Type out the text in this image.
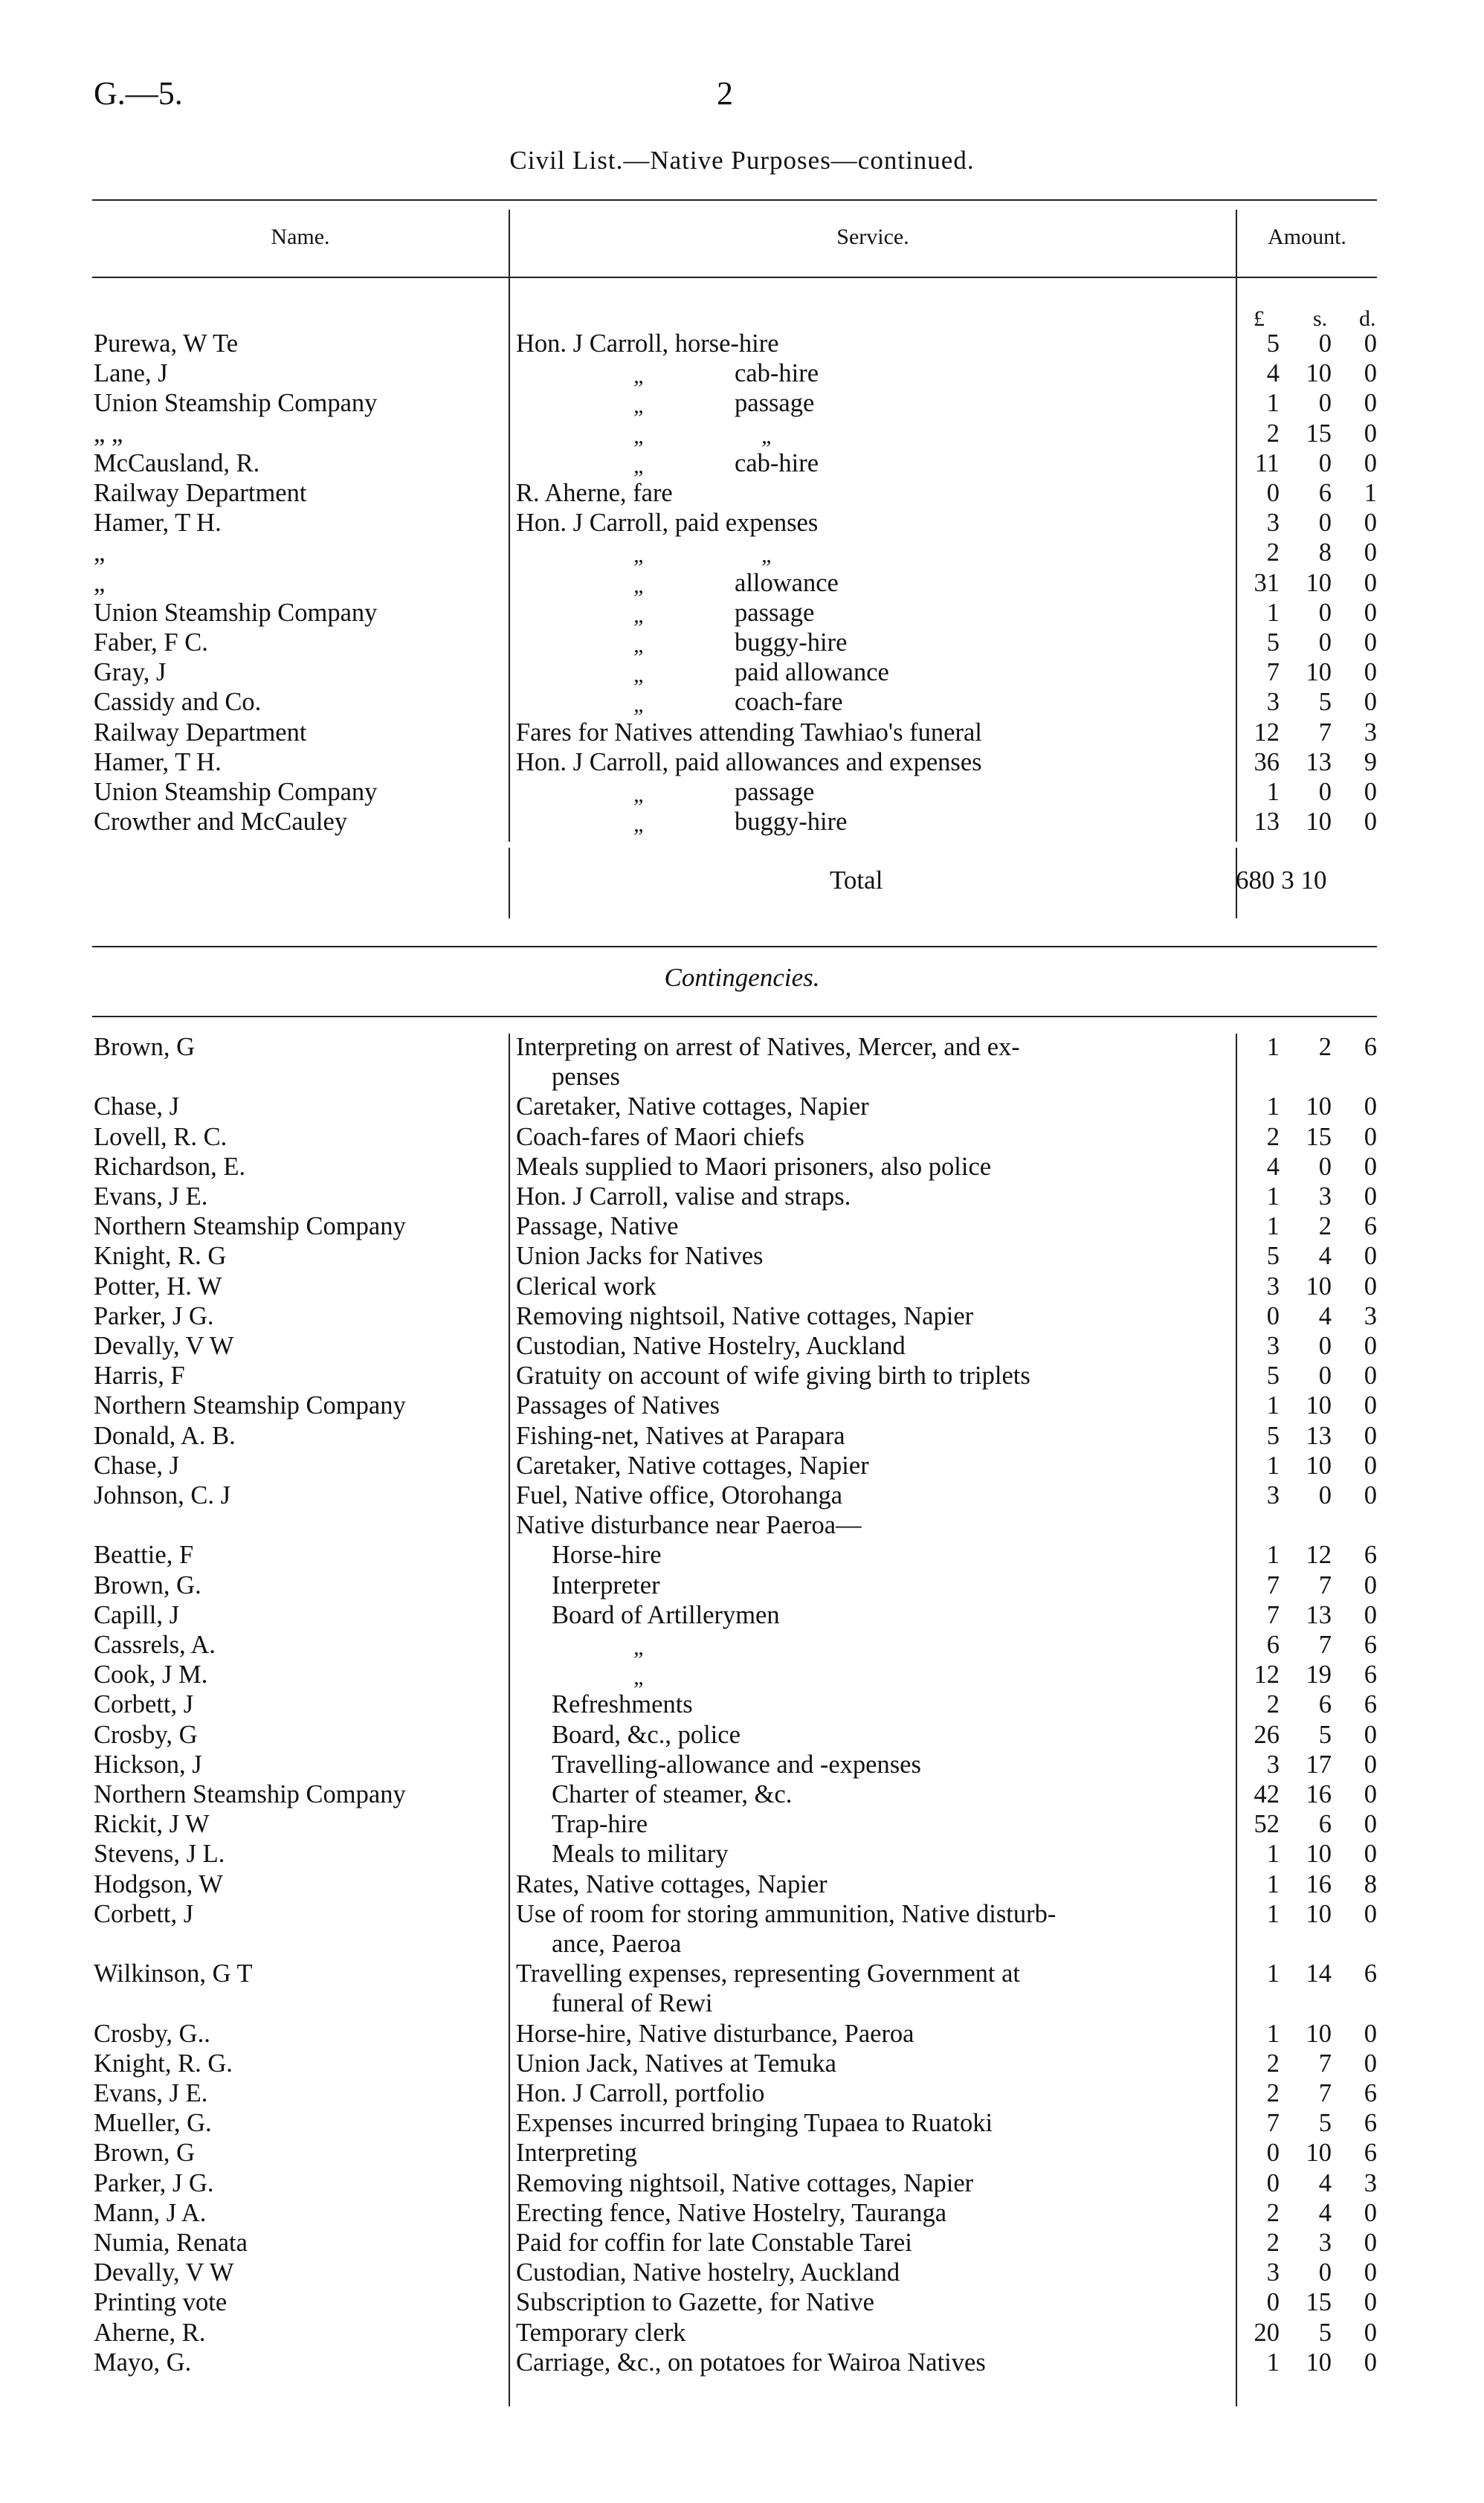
G.—5.	2
Civil List.—Native Purposes—continued.
Name.	Service.	Amount.
£ s. d.
Purewa, W Te	Hon. J Carroll, horse-hire	5	0	0
Lane, J	„	cab-hire	4	10	0
Union Steamship Company	„	passage	1	0	0
„ „	„	„	2	15	0
McCausland, R.	„	cab-hire	11	0	0
Railway Department	R. Aherne, fare	0	6	1
Hamer, T H.	Hon. J Carroll, paid expenses	3	0	0
„	„	„	2	8	0
„	„	allowance	31	10	0
Union Steamship Company	„	passage	1	0	0
Faber, F C.	„	buggy-hire	5	0	0
Gray, J	„	paid allowance	7	10	0
Cassidy and Co.	„	coach-fare	3	5	0
Railway Department	Fares for Natives attending Tawhiao's funeral	12	7	3
Hamer, T H.	Hon. J Carroll, paid allowances and expenses	36	13	9
Union Steamship Company	„	passage	1	0	0
Crowther and McCauley	„	buggy-hire	13	10	0
Total	680 3 10
Contingencies.
Brown, G	Interpreting on arrest of Natives, Mercer, and ex-	1	2	6
penses
Chase, J	Caretaker, Native cottages, Napier	1	10	0
Lovell, R. C.	Coach-fares of Maori chiefs	2	15	0
Richardson, E.	Meals supplied to Maori prisoners, also police	4	0	0
Evans, J E.	Hon. J Carroll, valise and straps.	1	3	0
Northern Steamship Company	Passage, Native	1	2	6
Knight, R. G	Union Jacks for Natives	5	4	0
Potter, H. W	Clerical work	3	10	0
Parker, J G.	Removing nightsoil, Native cottages, Napier	0	4	3
Devally, V W	Custodian, Native Hostelry, Auckland	3	0	0
Harris, F	Gratuity on account of wife giving birth to triplets	5	0	0
Northern Steamship Company	Passages of Natives	1	10	0
Donald, A. B.	Fishing-net, Natives at Parapara	5	13	0
Chase, J	Caretaker, Native cottages, Napier	1	10	0
Johnson, C. J	Fuel, Native office, Otorohanga	3	0	0
Native disturbance near Paeroa—
Beattie, F	Horse-hire	1	12	6
Brown, G.	Interpreter	7	7	0
Capill, J	Board of Artillerymen	7	13	0
Cassrels, A.	„	6	7	6
Cook, J M.	„	12	19	6
Corbett, J	Refreshments	2	6	6
Crosby, G	Board, &c., police	26	5	0
Hickson, J	Travelling-allowance and -expenses	3	17	0
Northern Steamship Company	Charter of steamer, &c.	42	16	0
Rickit, J W	Trap-hire	52	6	0
Stevens, J L.	Meals to military	1	10	0
Hodgson, W	Rates, Native cottages, Napier	1	16	8
Corbett, J	Use of room for storing ammunition, Native disturb-	1	10	0
ance, Paeroa
Wilkinson, G T	Travelling expenses, representing Government at	1	14	6
funeral of Rewi
Crosby, G..	Horse-hire, Native disturbance, Paeroa	1	10	0
Knight, R. G.	Union Jack, Natives at Temuka	2	7	0
Evans, J E.	Hon. J Carroll, portfolio	2	7	6
Mueller, G.	Expenses incurred bringing Tupaea to Ruatoki	7	5	6
Brown, G	Interpreting	0	10	6
Parker, J G.	Removing nightsoil, Native cottages, Napier	0	4	3
Mann, J A.	Erecting fence, Native Hostelry, Tauranga	2	4	0
Numia, Renata	Paid for coffin for late Constable Tarei	2	3	0
Devally, V W	Custodian, Native hostelry, Auckland	3	0	0
Printing vote	Subscription to Gazette, for Native	0	15	0
Aherne, R.	Temporary clerk	20	5	0
Mayo, G.	Carriage, &c., on potatoes for Wairoa Natives	1	10	0
